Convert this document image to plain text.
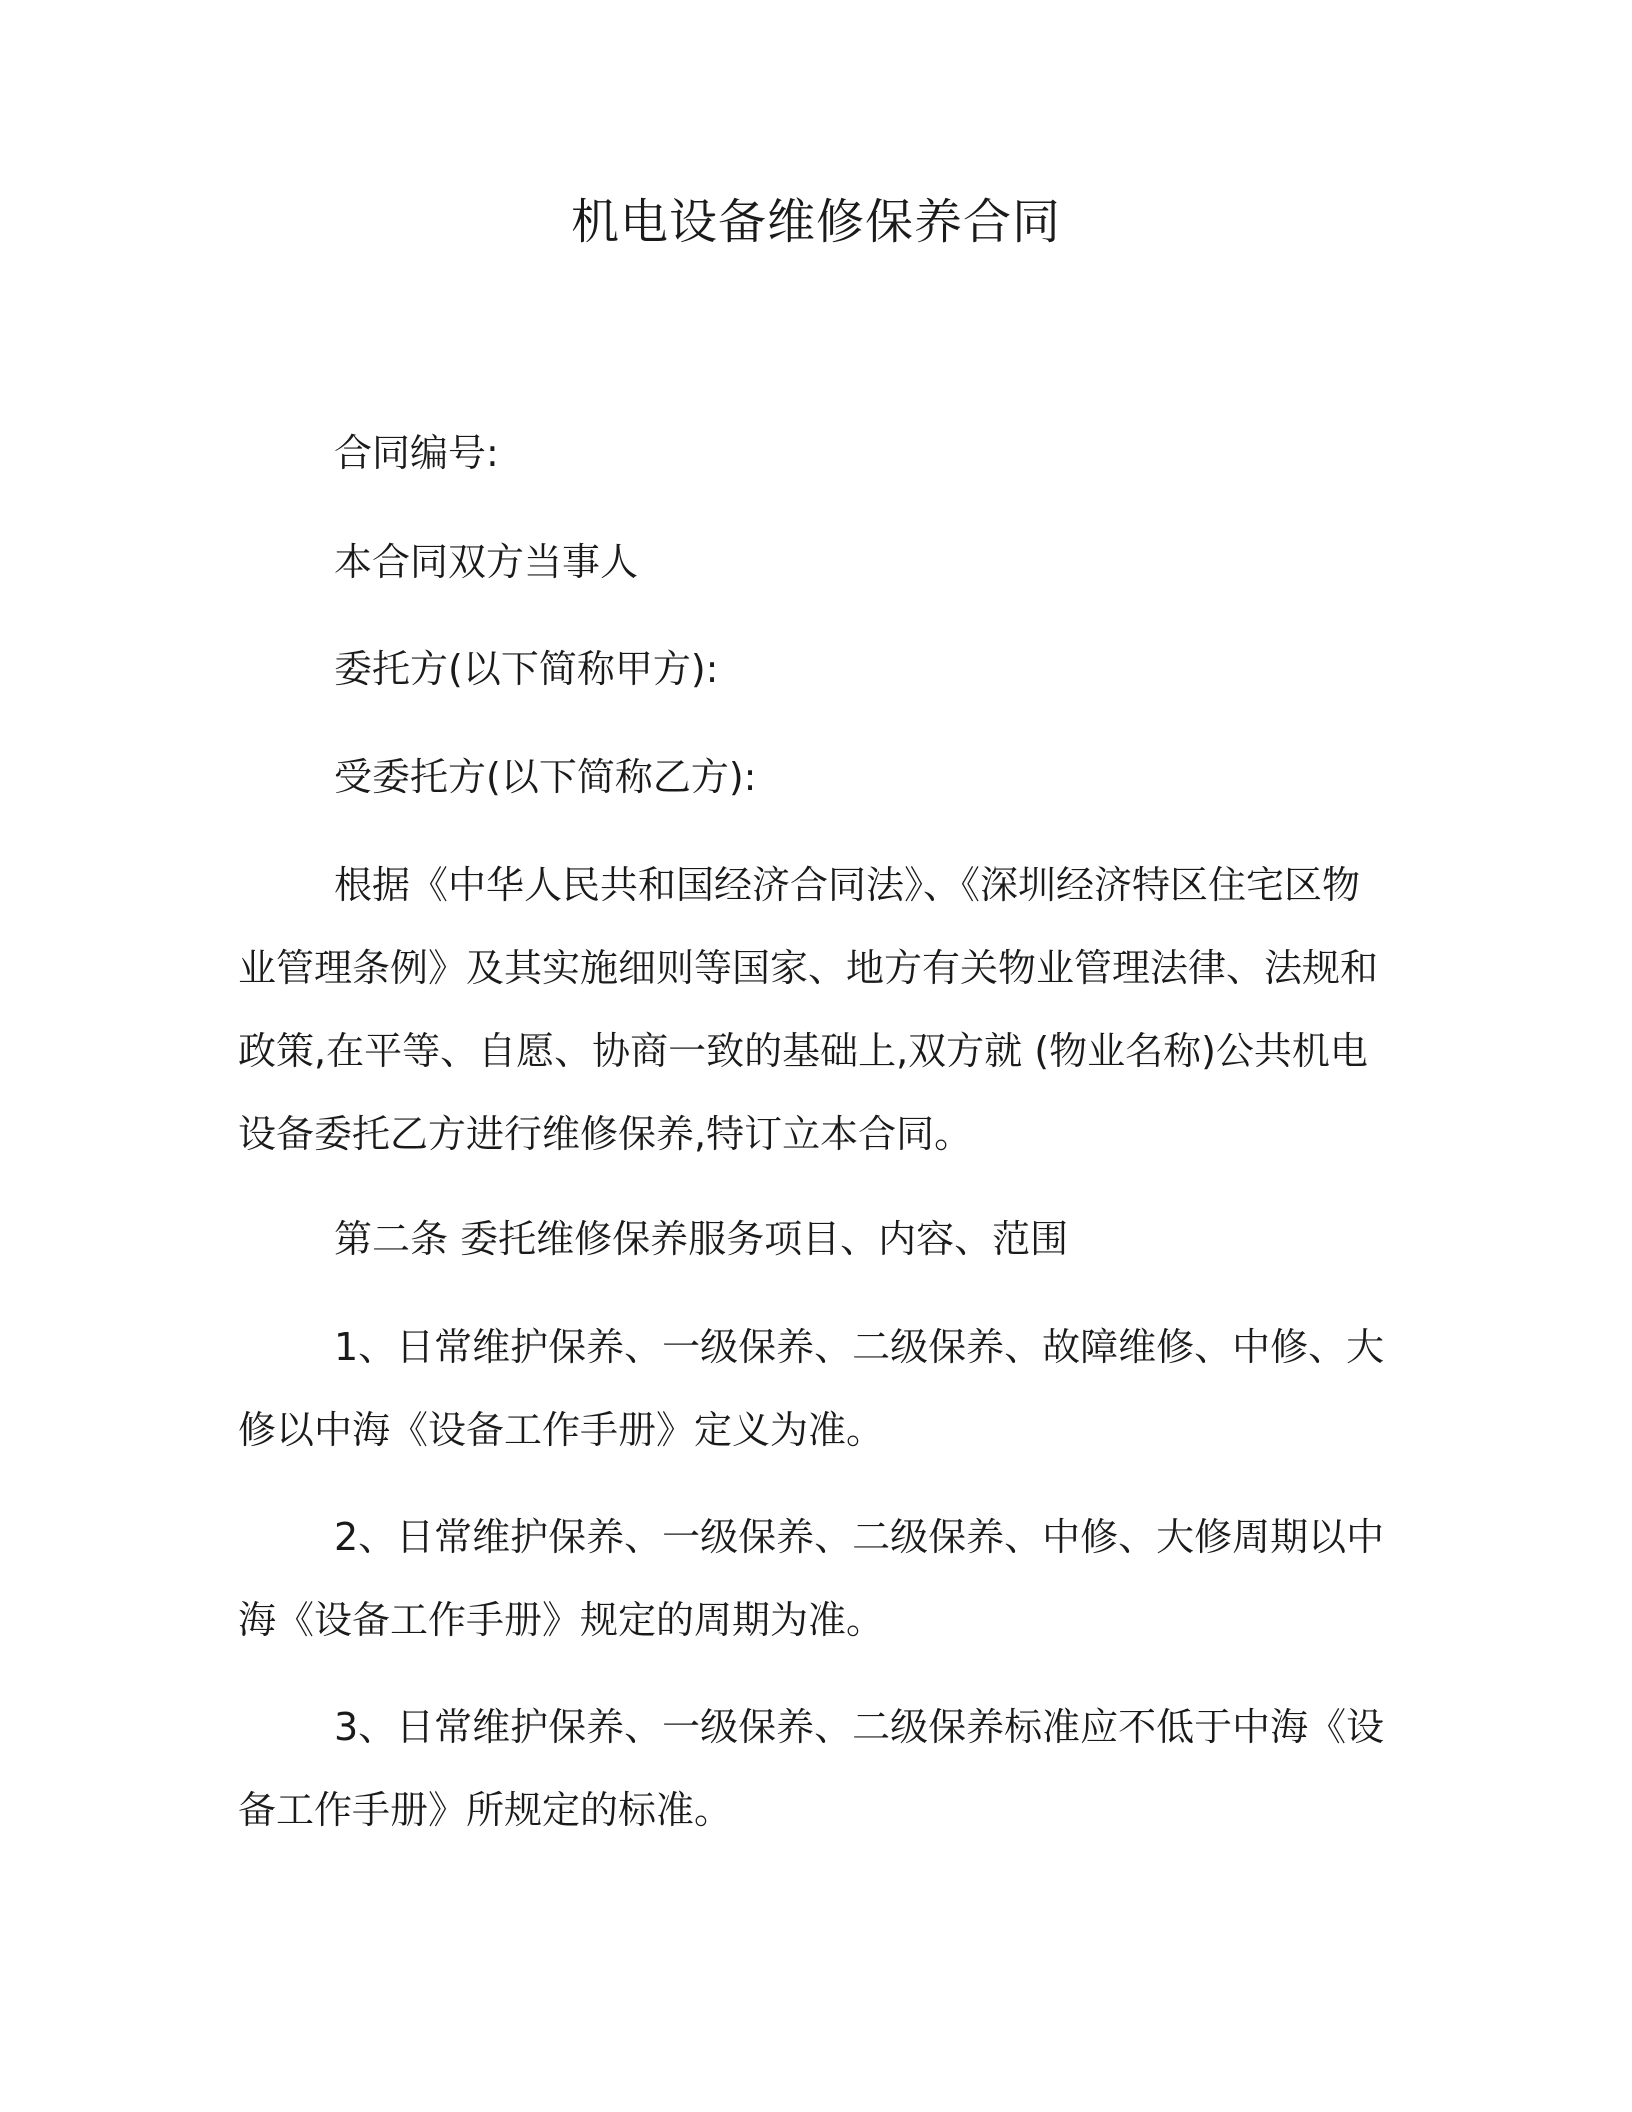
机电设备维修保养合同

合同编号:

本合同双方当事人

委托方(以下简称甲方):

受委托方(以下简称乙方):

根据《中华人民共和国经济合同法》、《深圳经济特区住宅区物业管理条例》及其实施细则等国家、地方有关物业管理法律、法规和政策,在平等、自愿、协商一致的基础上,双方就 (物业名称)公共机电设备委托乙方进行维修保养,特订立本合同。

第二条 委托维修保养服务项目、内容、范围

1、日常维护保养、一级保养、二级保养、故障维修、中修、大修以中海《设备工作手册》定义为准。

2、日常维护保养、一级保养、二级保养、中修、大修周期以中海《设备工作手册》规定的周期为准。

3、日常维护保养、一级保养、二级保养标准应不低于中海《设备工作手册》所规定的标准。
